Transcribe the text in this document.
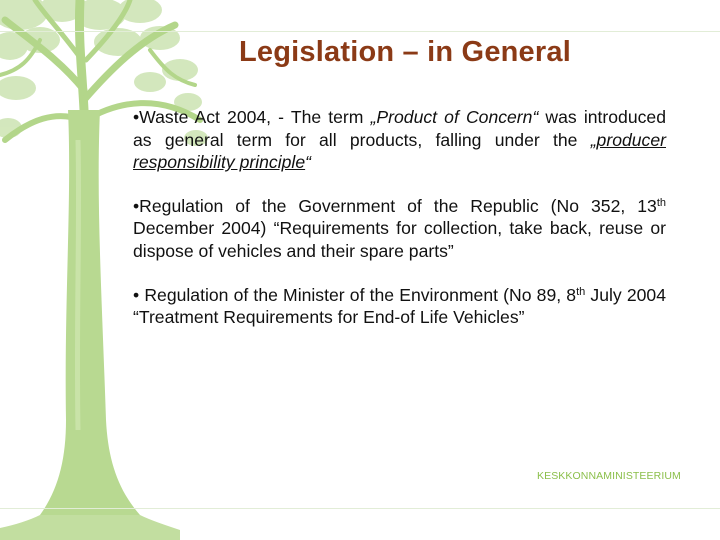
Legislation – in General

•Waste Act 2004, - The term „Product of Concern“ was introduced as general term for all products, falling under the „producer responsibility principle“

•Regulation of the Government of the Republic (No 352, 13th December 2004) “Requirements for collection, take back, reuse or dispose of vehicles and their spare parts”

• Regulation of the Minister of the Environment (No 89, 8th July 2004 “Treatment Requirements for End-of Life Vehicles”

KESKKONNAMINISTEERIUM
